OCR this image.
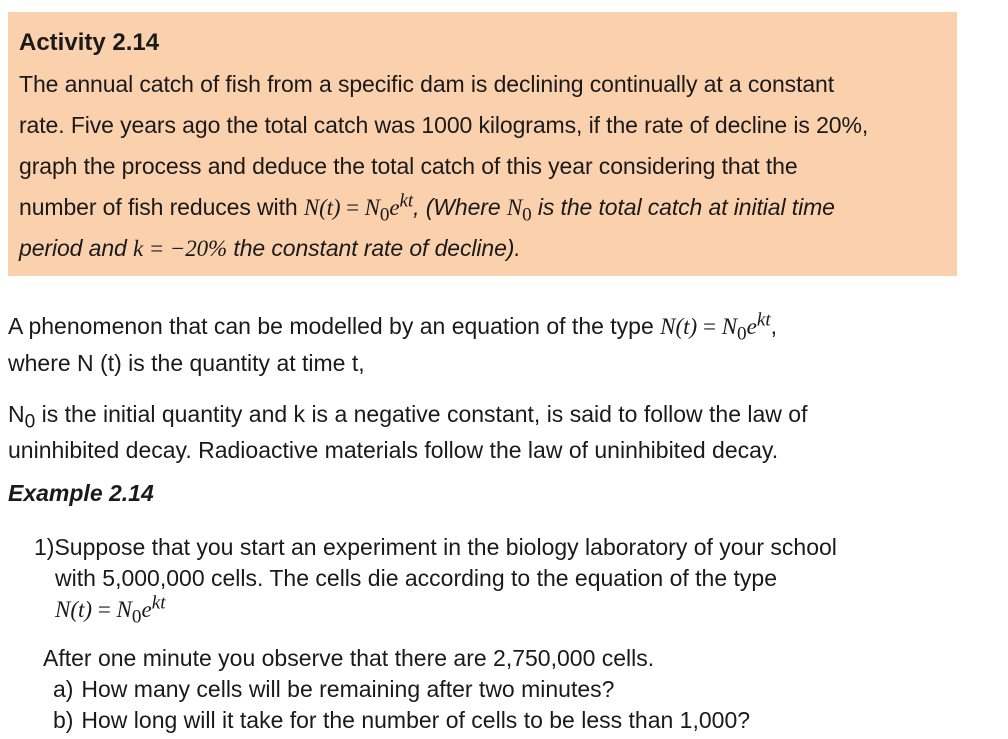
Activity 2.14
The annual catch of fish from a specific dam is declining continually at a constant
rate. Five years ago the total catch was 1000 kilograms, if the rate of decline is 20%,
graph the process and deduce the total catch of this year considering that the
number of fish reduces with $N(t) = N_0e^{kt}$, (Where $N_0$ is the total catch at initial time
period and k = −20% the constant rate of decline).
A phenomenon that can be modelled by an equation of the type $N(t) = N_0e^{kt}$,
where N (t) is the quantity at time t,
$N_0$ is the initial quantity and k is a negative constant, is said to follow the law of
uninhibited decay. Radioactive materials follow the law of uninhibited decay.
Example 2.14
1)Suppose that you start an experiment in the biology laboratory of your school

with 5,000,000 cells. The cells die according to the equation of the type
$N(t) = N_0e^{kt}$
After one minute you observe that there are 2,750,000 cells.
a) How many cells will be remaining after two minutes?
b) How long will it take for the number of cells to be less than 1,000?
